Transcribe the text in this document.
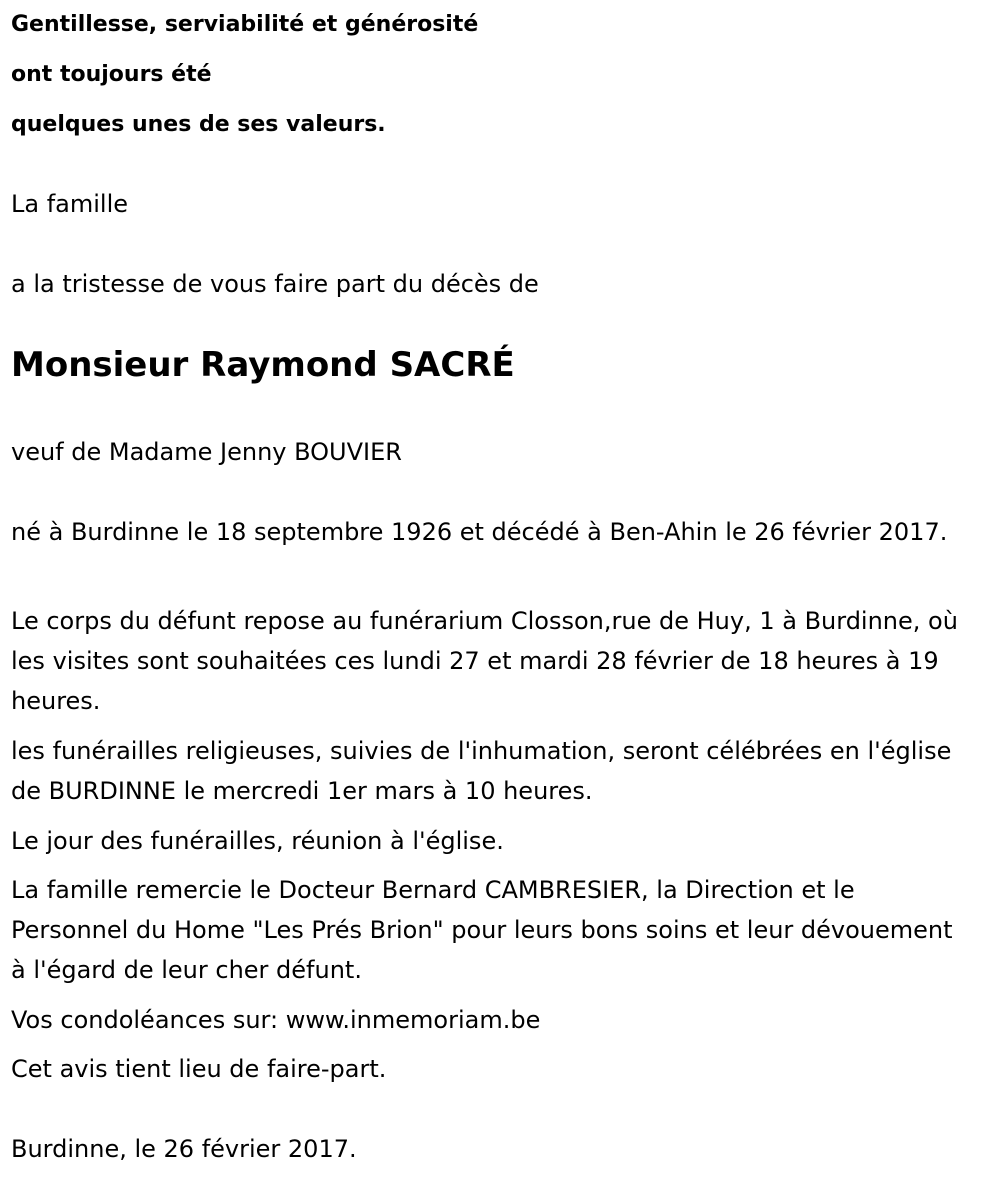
Gentillesse, serviabilité et générosité
ont toujours été
quelques unes de ses valeurs.
La famille
a la tristesse de vous faire part du décès de
Monsieur Raymond SACRÉ
veuf de Madame Jenny BOUVIER
né à Burdinne le 18 septembre 1926 et décédé à Ben-Ahin le 26 février 2017.
Le corps du défunt repose au funérarium Closson,rue de Huy, 1 à Burdinne, où les visites sont souhaitées ces lundi 27 et mardi 28 février de 18 heures à 19 heures.
les funérailles religieuses, suivies de l'inhumation, seront célébrées en l'église de BURDINNE le mercredi 1er mars à 10 heures.
Le jour des funérailles, réunion à l'église.
La famille remercie le Docteur Bernard CAMBRESIER, la Direction et le Personnel du Home "Les Prés Brion" pour leurs bons soins et leur dévouement à l'égard de leur cher défunt.
Vos condoléances sur: www.inmemoriam.be
Cet avis tient lieu de faire-part.
Burdinne, le 26 février 2017.
